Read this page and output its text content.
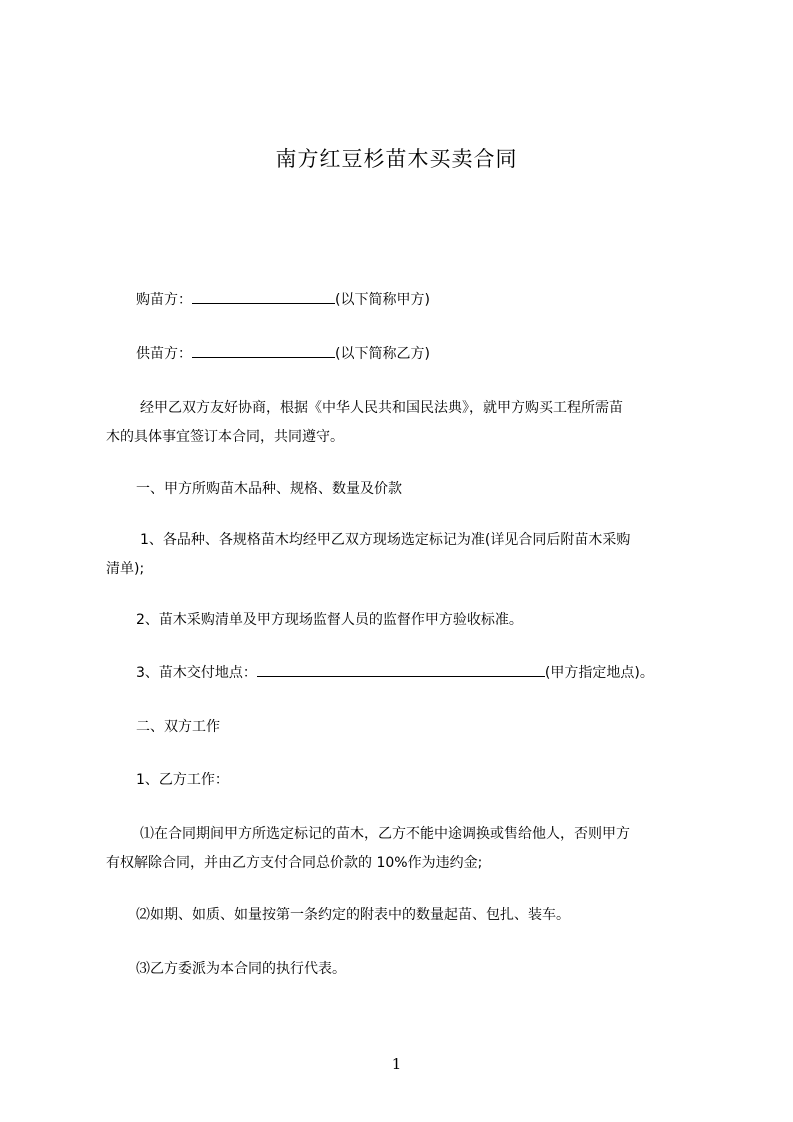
南方红豆杉苗木买卖合同
购苗方：	(以下简称甲方)
供苗方：	(以下简称乙方)
经甲乙双方友好协商，根据《中华人民共和国民法典》，就甲方购买工程所需苗
木的具体事宜签订本合同，共同遵守。
一、甲方所购苗木品种、规格、数量及价款
1、各品种、各规格苗木均经甲乙双方现场选定标记为准(详见合同后附苗木采购
清单);
2、苗木采购清单及甲方现场监督人员的监督作甲方验收标准。
3、苗木交付地点：	(甲方指定地点)。
二、双方工作
1、乙方工作：
⑴在合同期间甲方所选定标记的苗木，乙方不能中途调换或售给他人，否则甲方
有权解除合同，并由乙方支付合同总价款的 10%作为违约金;
⑵如期、如质、如量按第一条约定的附表中的数量起苗、包扎、装车。
⑶乙方委派为本合同的执行代表。
1
